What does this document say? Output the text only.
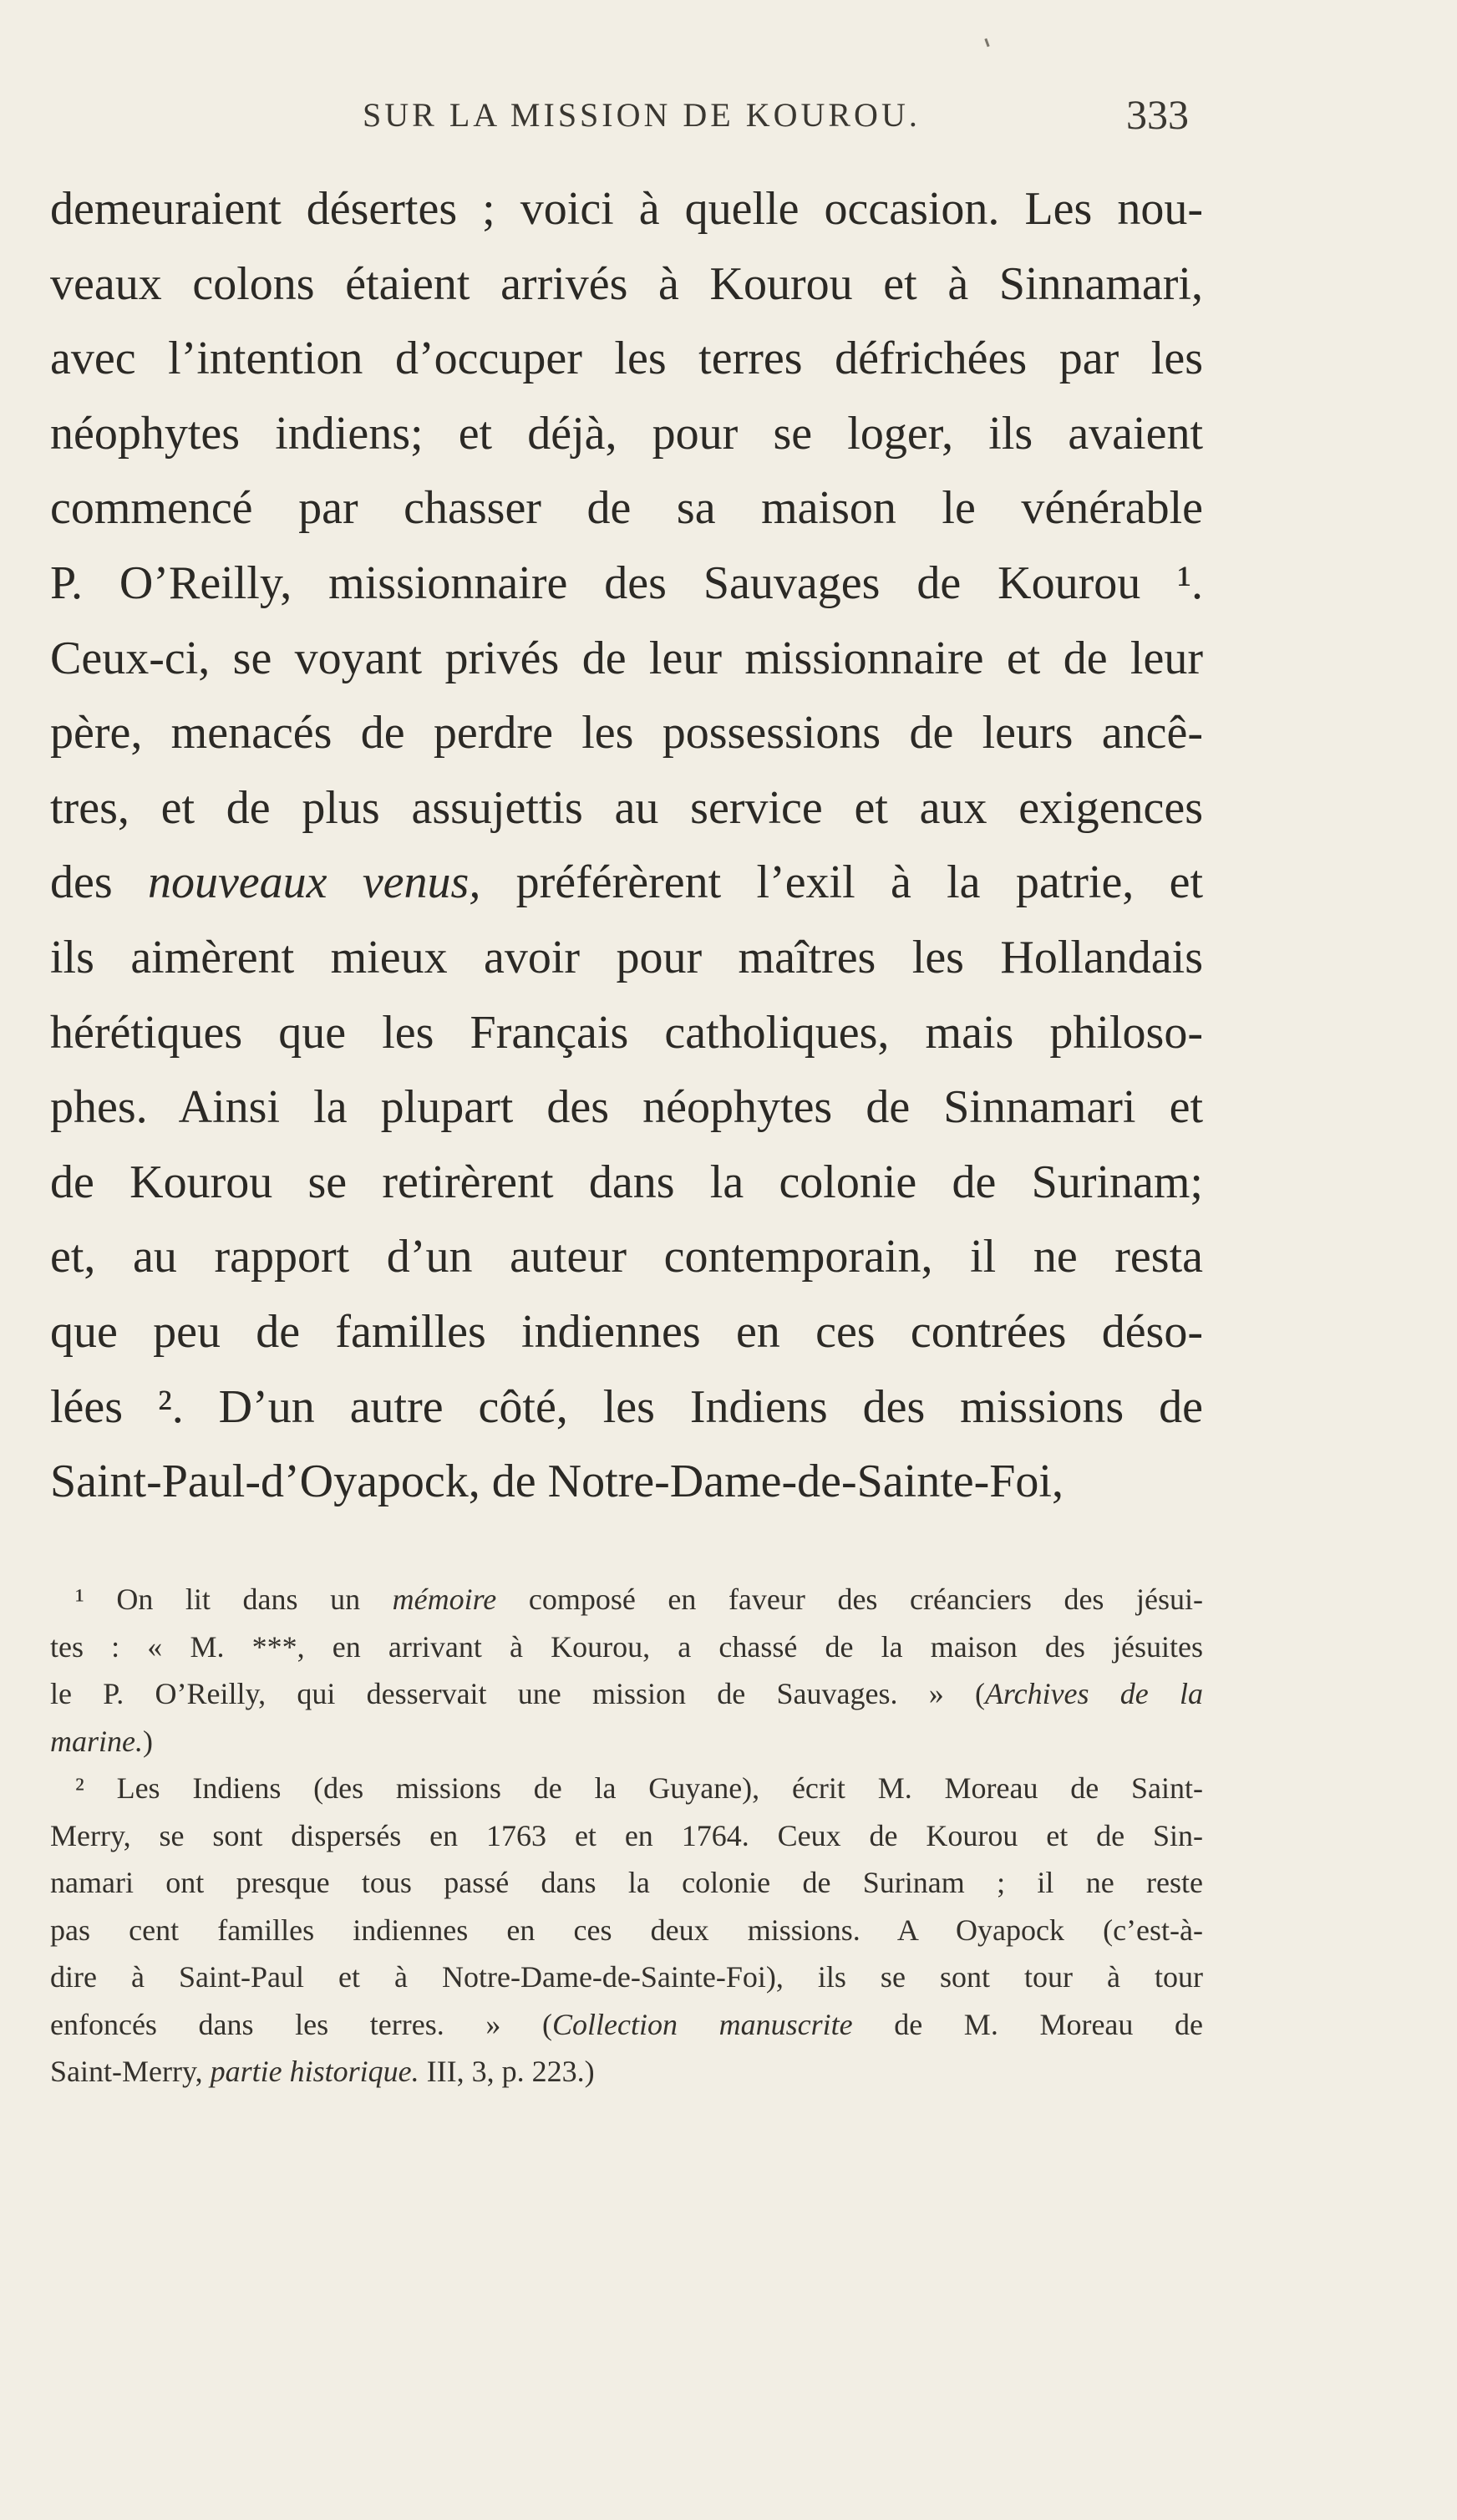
SUR LA MISSION DE KOUROU.	333
demeuraient désertes ; voici à quelle occasion. Les nou-
veaux colons étaient arrivés à Kourou et à Sinnamari,
avec l’intention d’occuper les terres défrichées par les
néophytes indiens; et déjà, pour se loger, ils avaient
commencé par chasser de sa maison le vénérable
P. O’Reilly, missionnaire des Sauvages de Kourou ¹.
Ceux-ci, se voyant privés de leur missionnaire et de leur
père, menacés de perdre les possessions de leurs ancê-
tres, et de plus assujettis au service et aux exigences
des nouveaux venus, préférèrent l’exil à la patrie, et
ils aimèrent mieux avoir pour maîtres les Hollandais
hérétiques que les Français catholiques, mais philoso-
phes. Ainsi la plupart des néophytes de Sinnamari et
de Kourou se retirèrent dans la colonie de Surinam;
et, au rapport d’un auteur contemporain, il ne resta
que peu de familles indiennes en ces contrées déso-
lées ². D’un autre côté, les Indiens des missions de
Saint-Paul-d’Oyapock, de Notre-Dame-de-Sainte-Foi,
¹ On lit dans un mémoire composé en faveur des créanciers des jésui-
tes : « M. ***, en arrivant à Kourou, a chassé de la maison des jésuites
le P. O’Reilly, qui desservait une mission de Sauvages. » (Archives de la
marine.)
² Les Indiens (des missions de la Guyane), écrit M. Moreau de Saint-
Merry, se sont dispersés en 1763 et en 1764. Ceux de Kourou et de Sin-
namari ont presque tous passé dans la colonie de Surinam ; il ne reste
pas cent familles indiennes en ces deux missions. A Oyapock (c’est-à-
dire à Saint-Paul et à Notre-Dame-de-Sainte-Foi), ils se sont tour à tour
enfoncés dans les terres. » (Collection manuscrite de M. Moreau de
Saint-Merry, partie historique. III, 3, p. 223.)
